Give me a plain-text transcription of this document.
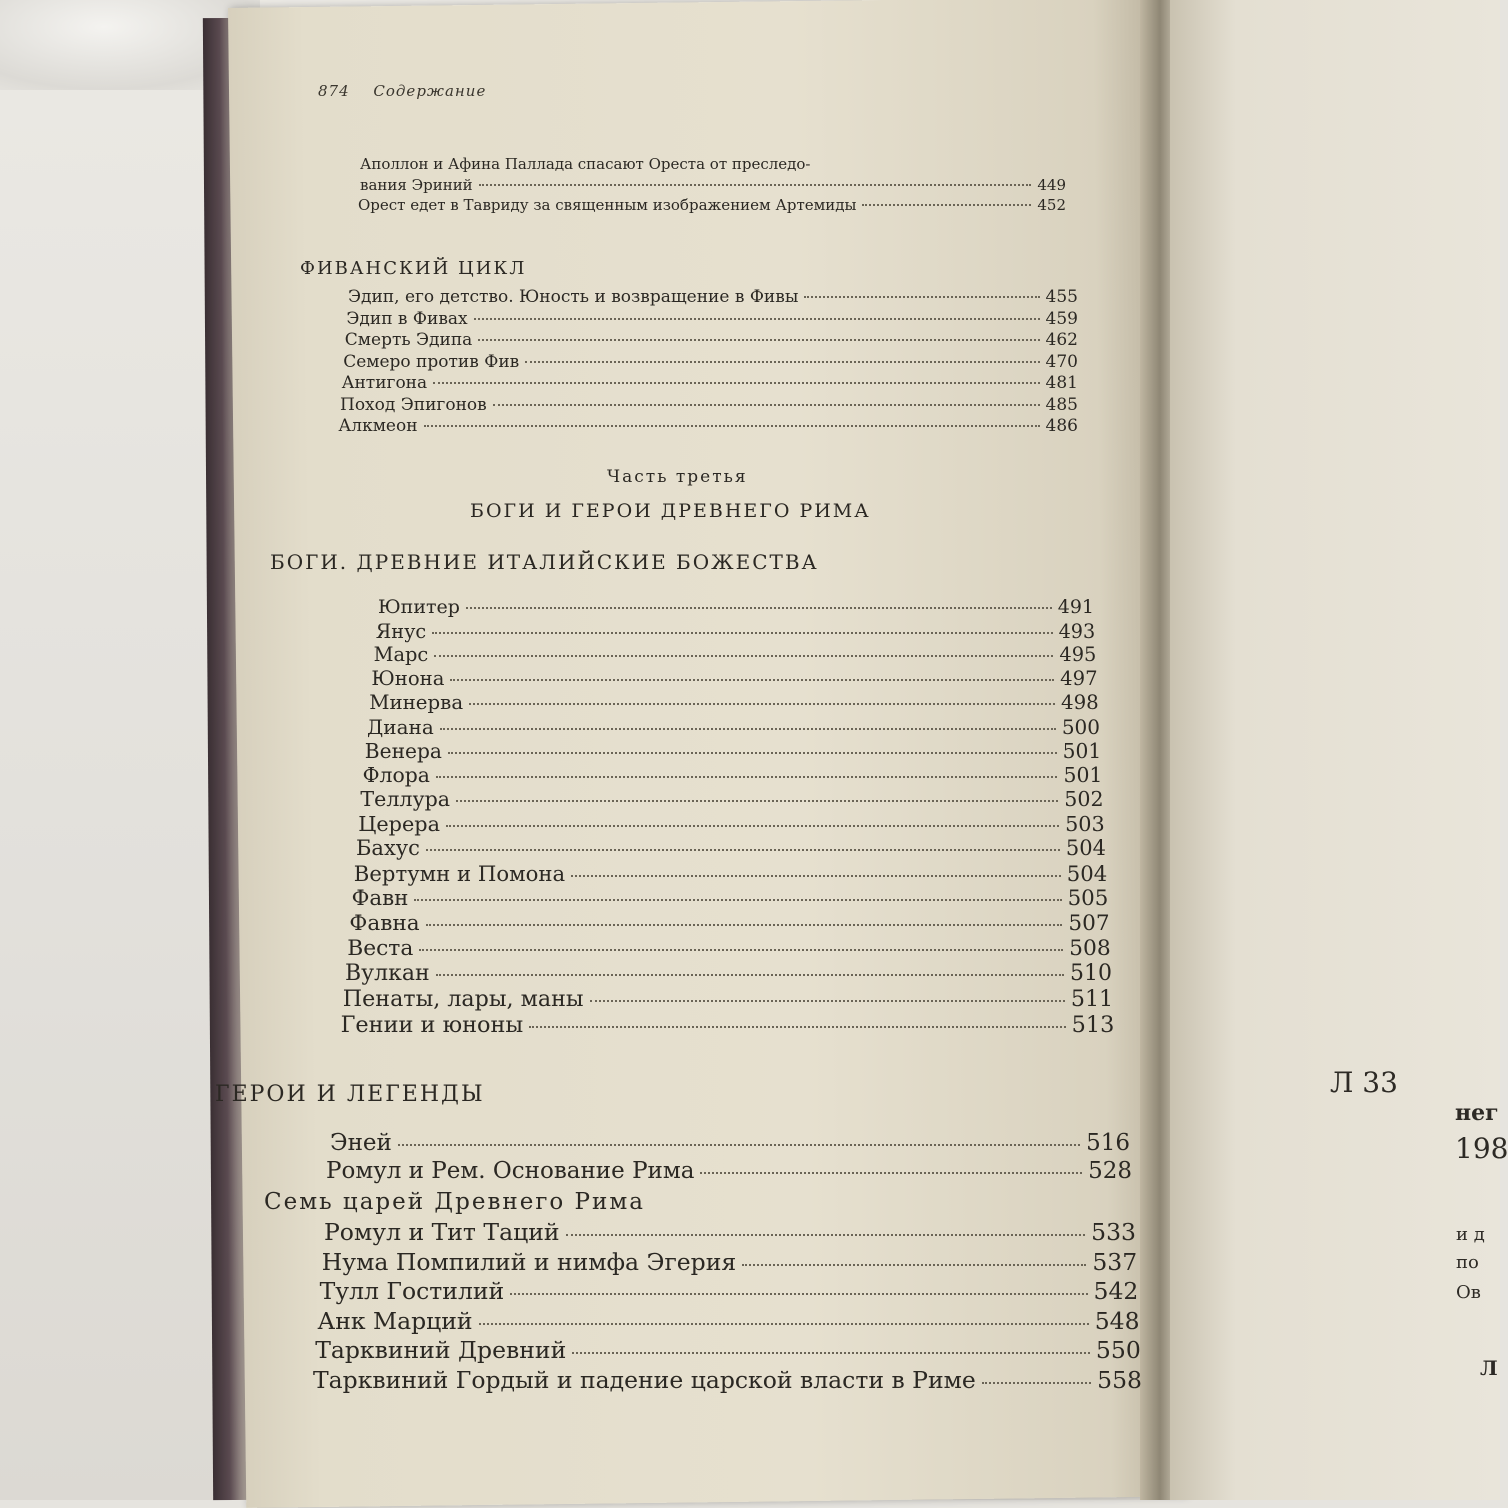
Л 33
нег
198
и д
по
Ов
Л
874 Содержание
Аполлон и Афина Паллада спасают Ореста от преследо-
вания Эриний	449
Орест едет в Тавриду за священным изображением Артемиды	452
ФИВАНСКИЙ ЦИКЛ
Эдип, его детство. Юность и возвращение в Фивы	455
Эдип в Фивах	459
Смерть Эдипа	462
Семеро против Фив	470
Антигона	481
Поход Эпигонов	485
Алкмеон	486
Часть третья
БОГИ И ГЕРОИ ДРЕВНЕГО РИМА
БОГИ. ДРЕВНИЕ ИТАЛИЙСКИЕ БОЖЕСТВА
Юпитер	491
Янус	493
Марс	495
Юнона	497
Минерва	498
Диана	500
Венера	501
Флора	501
Теллура	502
Церера	503
Бахус	504
Вертумн и Помона	504
Фавн	505
Фавна	507
Веста	508
Вулкан	510
Пенаты, лары, маны	511
Гении и юноны	513
ГЕРОИ И ЛЕГЕНДЫ
Эней	516
Ромул и Рем. Основание Рима	528
Семь царей Древнего Рима
Ромул и Тит Таций	533
Нума Помпилий и нимфа Эгерия	537
Тулл Гостилий	542
Анк Марций	548
Тарквиний Древний	550
Тарквиний Гордый и падение царской власти в Риме	558
